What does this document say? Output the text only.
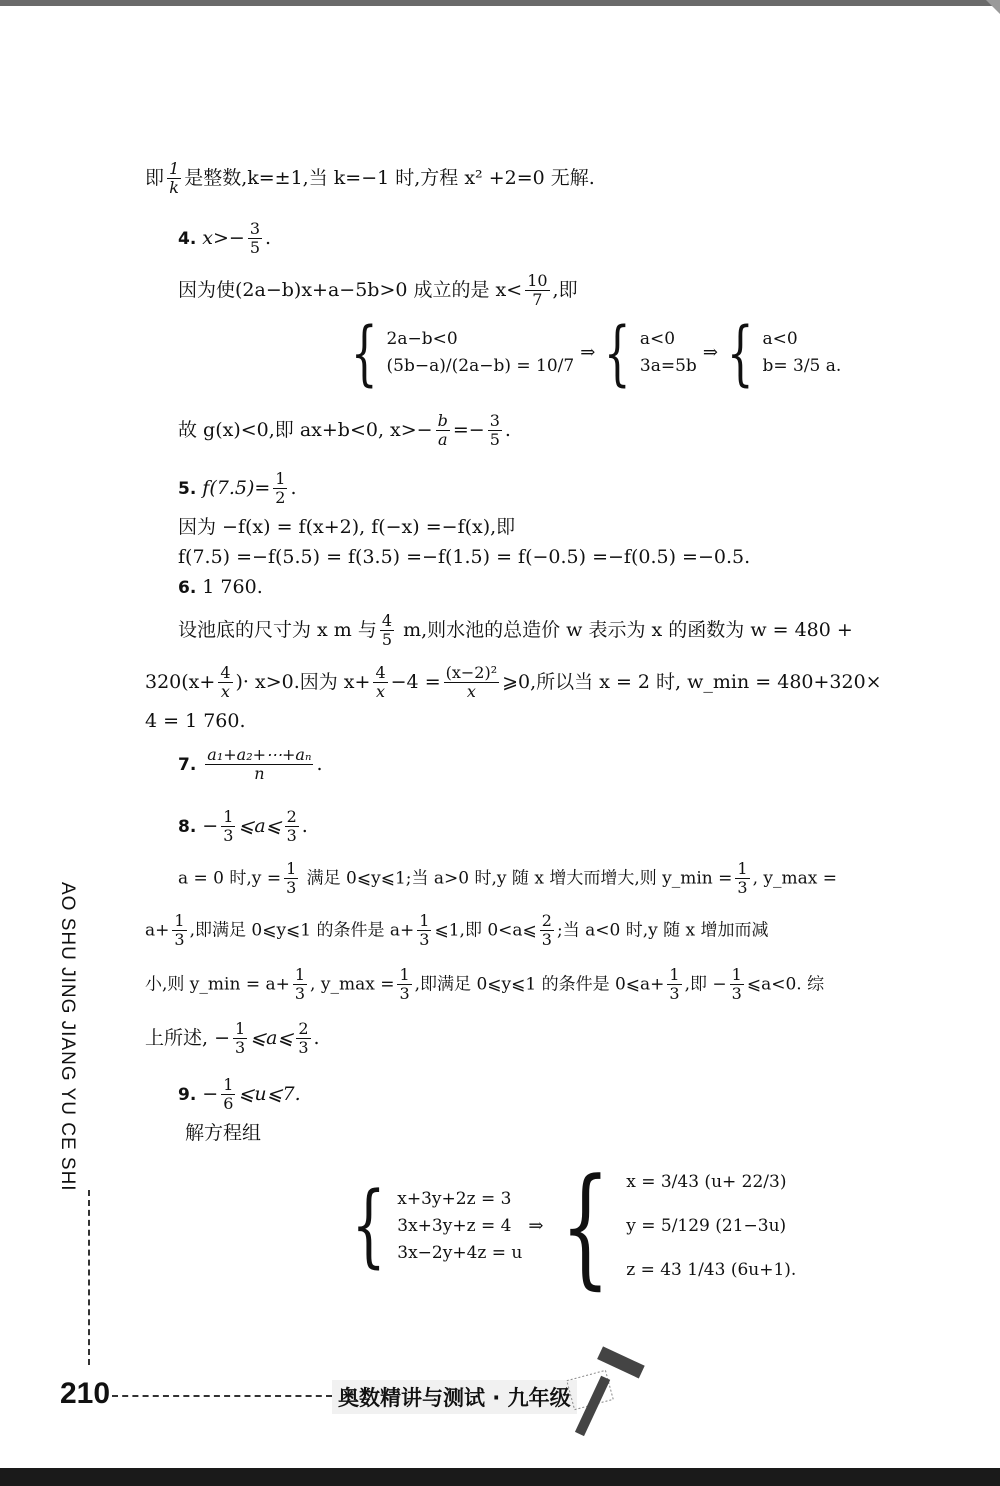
即 $\frac{1}{k}$ 是整数,k=±1,当 k=−1 时,方程 x² +2=0 无解.
4. $x>- \frac{3}{5}$ .
因为使(2a−b)x+a−5b>0 成立的是 $x< \frac{10}{7}$ ,即
{ 2a−b<0
(5b−a)/(2a−b) = 10/7
⇒ { a<0
3a=5b
⇒ { a<0
b= 3/5 a.
故 g(x)<0,即 ax+b<0, $x>- \frac{b}{a} =- \frac{3}{5}$ .
5. $f(7.5)= \frac{1}{2}$ .
因为 −f(x) = f(x+2), f(−x) =−f(x),即
f(7.5) =−f(5.5) = f(3.5) =−f(1.5) = f(−0.5) =−f(0.5) =−0.5.
6. 1 760.
设池底的尺寸为 x m 与 $\frac{4}{5} m$,则水池的总造价 w 表示为 x 的函数为 w = 480 +
$320(x+ \frac{4}{x}$ )· x>0.因为 $x+ \frac{4}{x} -4 = \frac{\text{(x−2)²}}{x}$ ⩾0,所以当 x = 2 时, w_min = 480+320×
4 = 1 760.
7. $\frac{\text{a₁+a₂+⋯+aₙ}}{n}$ .
8. − $\frac{1}{3}$ ⩽a⩽ $\frac{2}{3}$ .
a = 0 时$,y = \frac{1}{3}$ 满足 0⩽y⩽1;当 a>0 时,y 随 x 增大而增大,则 y_min = $\frac{1}{3}$ , y_max =
$a+ \frac{1}{3}$ ,即满足 0⩽y⩽1 的条件是 $a+ \frac{1}{3}$ ⩽1,即 0<a⩽ $\frac{2}{3}$ ;当 a<0 时,y 随 x 增加而减
小,则 y_min = $a+ \frac{1}{3}$ , y_max = $\frac{1}{3}$ ,即满足 0⩽y⩽1 的条件是 0⩽a+ $\frac{1}{3}$ ,即 − $\frac{1}{3}$ ⩽a<0. 综
上所述, − $\frac{1}{3}$ ⩽a⩽ $\frac{2}{3}$ .
9. − $\frac{1}{6}$ ⩽u⩽7.
解方程组
{ x+3y+2z = 3
3x+3y+z = 4
3x−2y+4z = u
⇒ { x = 3/43 (u+ 22/3)
y = 5/129 (21−3u)
z = 43 1/43 (6u+1).
AO SHU JING JIANG YU CE SHI
210	奥数精讲与测试 · 九年级
